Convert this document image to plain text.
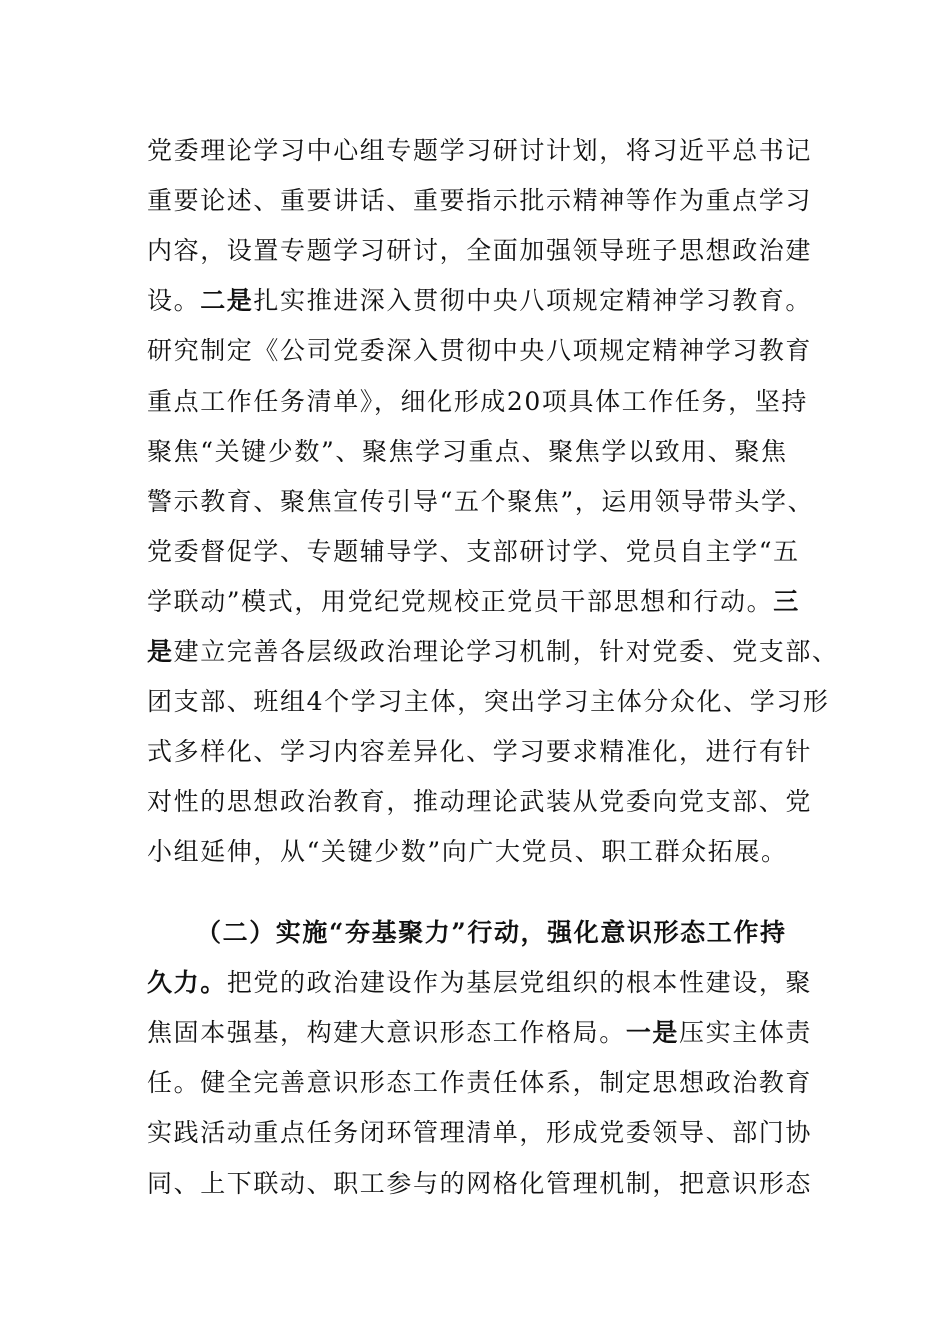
党委理论学习中心组专题学习研讨计划，将习近平总书记
重要论述、重要讲话、重要指示批示精神等作为重点学习
内容，设置专题学习研讨，全面加强领导班子思想政治建
设。二是扎实推进深入贯彻中央八项规定精神学习教育。
研究制定《公司党委深入贯彻中央八项规定精神学习教育
重点工作任务清单》，细化形成20项具体工作任务，坚持
聚焦“关键少数”、聚焦学习重点、聚焦学以致用、聚焦
警示教育、聚焦宣传引导“五个聚焦”，运用领导带头学、
党委督促学、专题辅导学、支部研讨学、党员自主学“五
学联动”模式，用党纪党规校正党员干部思想和行动。三
是建立完善各层级政治理论学习机制，针对党委、党支部、
团支部、班组4个学习主体，突出学习主体分众化、学习形
式多样化、学习内容差异化、学习要求精准化，进行有针
对性的思想政治教育，推动理论武装从党委向党支部、党
小组延伸，从“关键少数”向广大党员、职工群众拓展。
（二）实施“夯基聚力”行动，强化意识形态工作持
久力。把党的政治建设作为基层党组织的根本性建设，聚
焦固本强基，构建大意识形态工作格局。一是压实主体责
任。健全完善意识形态工作责任体系，制定思想政治教育
实践活动重点任务闭环管理清单，形成党委领导、部门协
同、上下联动、职工参与的网格化管理机制，把意识形态
